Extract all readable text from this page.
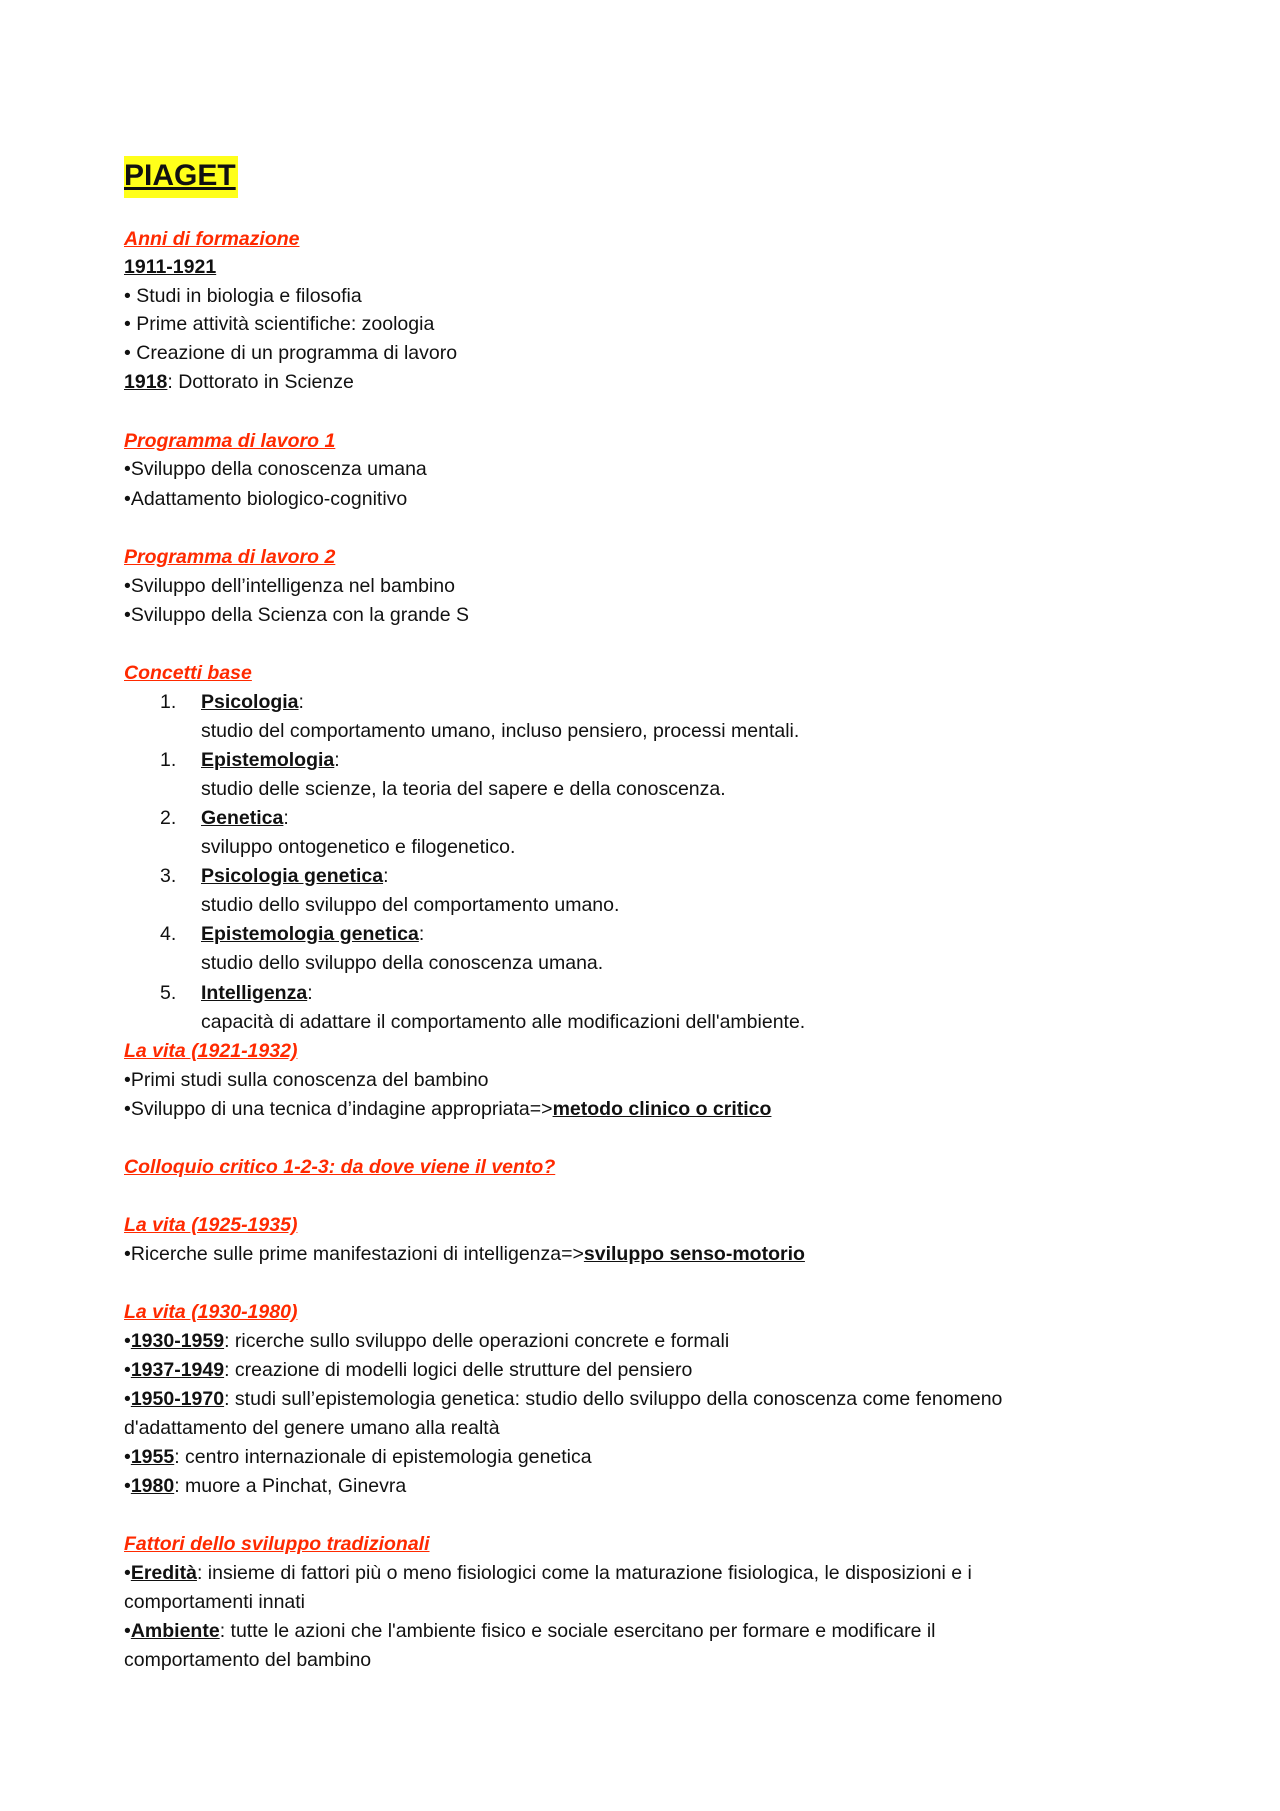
PIAGET
Anni di formazione
1911-1921
• Studi in biologia e filosofia
• Prime attività scientifiche: zoologia
• Creazione di un programma di lavoro
1918: Dottorato in Scienze
Programma di lavoro 1
•Sviluppo della conoscenza umana
•Adattamento biologico-cognitivo
Programma di lavoro 2
•Sviluppo dell’intelligenza nel bambino
•Sviluppo della Scienza con la grande S
Concetti base
1. Psicologia:
studio del comportamento umano, incluso pensiero, processi mentali.
1. Epistemologia:
studio delle scienze, la teoria del sapere e della conoscenza.
2. Genetica:
sviluppo ontogenetico e filogenetico.
3. Psicologia genetica:
studio dello sviluppo del comportamento umano.
4. Epistemologia genetica:
studio dello sviluppo della conoscenza umana.
5. Intelligenza:
capacità di adattare il comportamento alle modificazioni dell'ambiente.
La vita (1921-1932)
•Primi studi sulla conoscenza del bambino
•Sviluppo di una tecnica d’indagine appropriata=>metodo clinico o critico
Colloquio critico 1-2-3: da dove viene il vento?
La vita (1925-1935)
•Ricerche sulle prime manifestazioni di intelligenza=>sviluppo senso-motorio
La vita (1930-1980)
•1930-1959: ricerche sullo sviluppo delle operazioni concrete e formali
•1937-1949: creazione di modelli logici delle strutture del pensiero
•1950-1970: studi sull’epistemologia genetica: studio dello sviluppo della conoscenza come fenomeno
d'adattamento del genere umano alla realtà
•1955: centro internazionale di epistemologia genetica
•1980: muore a Pinchat, Ginevra
Fattori dello sviluppo tradizionali
•Eredità: insieme di fattori più o meno fisiologici come la maturazione fisiologica, le disposizioni e i
comportamenti innati
•Ambiente: tutte le azioni che l'ambiente fisico e sociale esercitano per formare e modificare il
comportamento del bambino
